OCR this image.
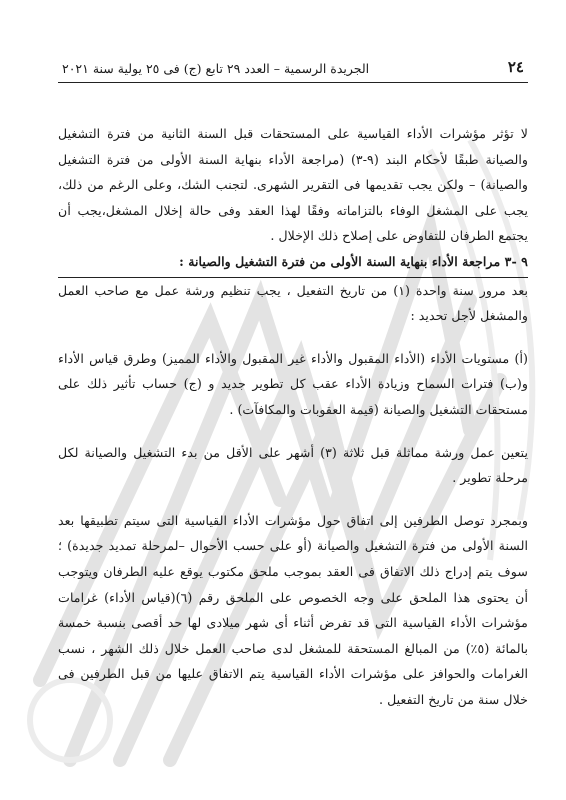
٢٤
الجريدة الرسمية – العدد ٢٩ تابع (ج) فى ٢٥ يولية سنة ٢٠٢١

لا تؤثر مؤشرات الأداء القياسية على المستحقات قبل السنة الثانية من فترة التشغيل والصيانة طبقًا لأحكام البند (٩-٣) (مراجعة الأداء بنهاية السنة الأولى من فترة التشغيل والصيانة) – ولكن يجب تقديمها فى التقرير الشهرى. لتجنب الشك، وعلى الرغم من ذلك، يجب على المشغل الوفاء بالتزاماته وفقًا لهذا العقد وفى حالة إخلال المشغل،يجب أن يجتمع الطرفان للتفاوض على إصلاح ذلك الإخلال .

٩ -٣ مراجعة الأداء بنهاية السنة الأولى من فترة التشغيل والصيانة :

بعد مرور سنة واحدة (١) من تاريخ التفعيل ، يجب تنظيم ورشة عمل مع صاحب العمل والمشغل لأجل تحديد :

(أ) مستويات الأداء (الأداء المقبول والأداء غير المقبول والأداء المميز) وطرق قياس الأداء و(ب) فترات السماح وزيادة الأداء عقب كل تطوير جديد و (ج) حساب تأثير ذلك على مستحقات التشغيل والصيانة (قيمة العقوبات والمكافآت) .

يتعين عمل ورشة مماثلة قبل ثلاثة (٣) أشهر على الأقل من بدء التشغيل والصيانة لكل مرحلة تطوير .

وبمجرد توصل الطرفين إلى اتفاق حول مؤشرات الأداء القياسية التى سيتم تطبيقها بعد السنة الأولى من فترة التشغيل والصيانة (أو على حسب الأحوال –لمرحلة تمديد جديدة) ؛ سوف يتم إدراج ذلك الاتفاق فى العقد بموجب ملحق مكتوب يوقع عليه الطرفان ويتوجب أن يحتوى هذا الملحق على وجه الخصوص على الملحق رقم (٦)(قياس الأداء) غرامات مؤشرات الأداء القياسية التى قد تفرض أثناء أى شهر ميلادى لها حد أقصى بنسبة خمسة بالمائة (٥٪) من المبالغ المستحقة للمشغل لدى صاحب العمل خلال ذلك الشهر ، نسب الغرامات والحوافز على مؤشرات الأداء القياسية يتم الاتفاق عليها من قبل الطرفين فى خلال سنة من تاريخ التفعيل .
